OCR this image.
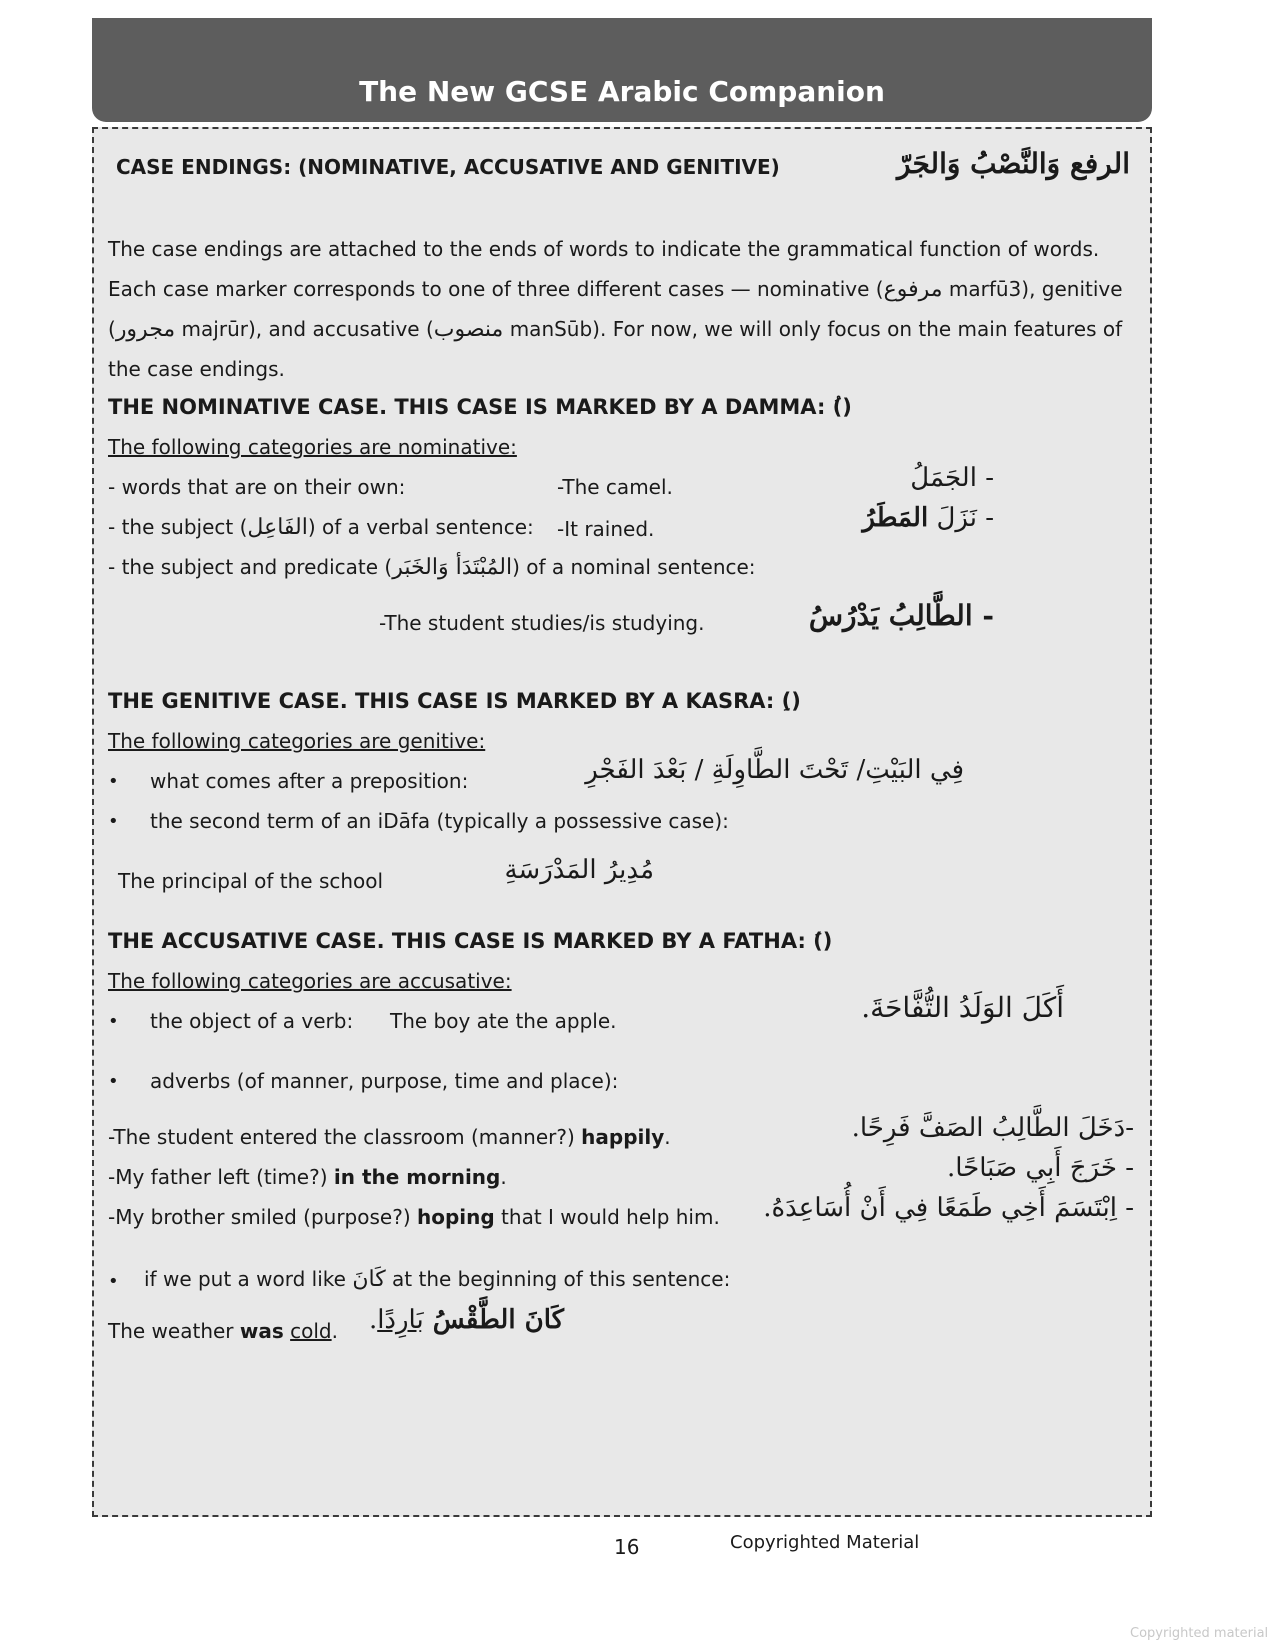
The New GCSE Arabic Companion
CASE ENDINGS: (NOMINATIVE, ACCUSATIVE AND GENITIVE)	الرفع وَالنَّصْبُ وَالجَرّ
The case endings are attached to the ends of words to indicate the grammatical function of words.
Each case marker corresponds to one of three different cases — nominative (مرفوع marfū3), genitive
(مجرور majrūr), and accusative (منصوب manSūb). For now, we will only focus on the main features of
the case endings.
THE NOMINATIVE CASE. THIS CASE IS MARKED BY A DAMMA: (ُ)
The following categories are nominative:
- words that are on their own:	-The camel.	- الجَمَلُ
- the subject (الفَاعِل) of a verbal sentence: -It rained.	- نَزَلَ المَطَرُ
- the subject and predicate (المُبْتَدَأ وَالخَبَر) of a nominal sentence:
-The student studies/is studying.	- الطَّالِبُ يَدْرُسُ
THE GENITIVE CASE. THIS CASE IS MARKED BY A KASRA: (ِ)
The following categories are genitive:
• what comes after a preposition:	فِي البَيْتِ/ تَحْتَ الطَّاوِلَةِ / بَعْدَ الفَجْرِ
• the second term of an iDāfa (typically a possessive case):
The principal of the school	مُدِيرُ المَدْرَسَةِ
THE ACCUSATIVE CASE. THIS CASE IS MARKED BY A FATHA: (َ)
The following categories are accusative:
• the object of a verb: The boy ate the apple.	أَكَلَ الوَلَدُ التُّفَّاحَةَ.
• adverbs (of manner, purpose, time and place):
-The student entered the classroom (manner?) happily.	-دَخَلَ الطَّالِبُ الصَفَّ فَرِحًا.
-My father left (time?) in the morning.	- خَرَجَ أَبِي صَبَاحًا.
-My brother smiled (purpose?) hoping that I would help him.	- اِبْتَسَمَ أَخِي طَمَعًا فِي أَنْ أُسَاعِدَهُ.
• if we put a word like كَانَ at the beginning of this sentence:
The weather was cold.	كَانَ الطَّقْسُ بَارِدًا.
16	Copyrighted Material
Copyrighted material
